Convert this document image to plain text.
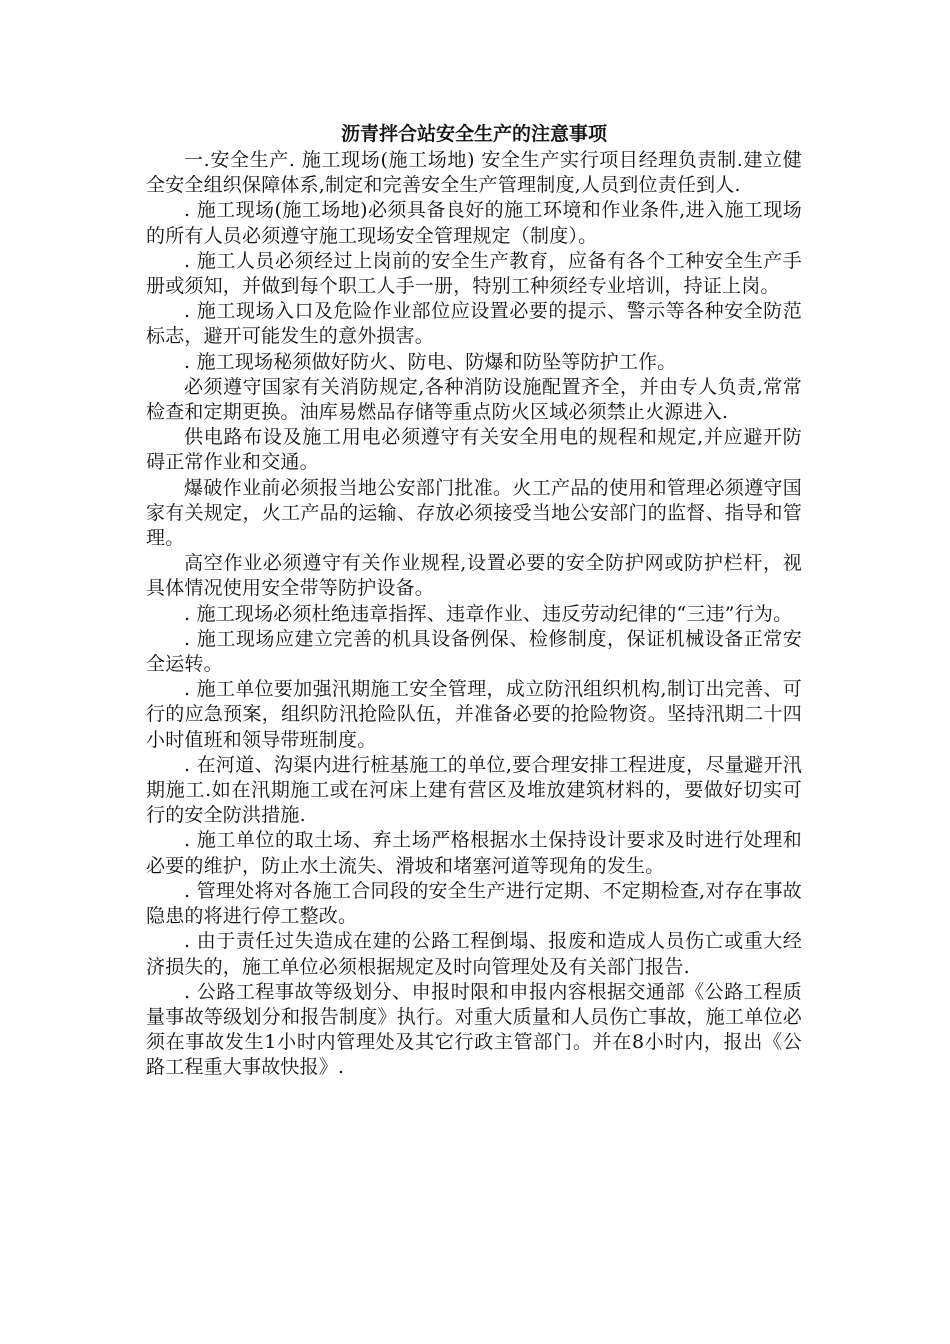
沥青拌合站安全生产的注意事项

一.安全生产. 施工现场(施工场地) 安全生产实行项目经理负责制.建立健全安全组织保障体系,制定和完善安全生产管理制度,人员到位责任到人.

. 施工现场(施工场地)必须具备良好的施工环境和作业条件,进入施工现场的所有人员必须遵守施工现场安全管理规定（制度）。

. 施工人员必须经过上岗前的安全生产教育，应备有各个工种安全生产手册或须知，并做到每个职工人手一册，特别工种须经专业培训，持证上岗。

. 施工现场入口及危险作业部位应设置必要的提示、警示等各种安全防范标志，避开可能发生的意外损害。

. 施工现场秘须做好防火、防电、防爆和防坠等防护工作。

必须遵守国家有关消防规定,各种消防设施配置齐全，并由专人负责,常常检查和定期更换。油库易燃品存储等重点防火区域必须禁止火源进入.

供电路布设及施工用电必须遵守有关安全用电的规程和规定,并应避开防碍正常作业和交通。

爆破作业前必须报当地公安部门批准。火工产品的使用和管理必须遵守国家有关规定，火工产品的运输、存放必须接受当地公安部门的监督、指导和管理。

高空作业必须遵守有关作业规程,设置必要的安全防护网或防护栏杆，视具体情况使用安全带等防护设备。

. 施工现场必须杜绝违章指挥、违章作业、违反劳动纪律的“三违”行为。

. 施工现场应建立完善的机具设备例保、检修制度，保证机械设备正常安全运转。

. 施工单位要加强汛期施工安全管理，成立防汛组织机构,制订出完善、可行的应急预案，组织防汛抢险队伍，并准备必要的抢险物资。坚持汛期二十四小时值班和领导带班制度。

. 在河道、沟渠内进行桩基施工的单位,要合理安排工程进度，尽量避开汛期施工.如在汛期施工或在河床上建有营区及堆放建筑材料的，要做好切实可行的安全防洪措施.

. 施工单位的取土场、弃土场严格根据水土保持设计要求及时进行处理和必要的维护，防止水土流失、滑坡和堵塞河道等现角的发生。

. 管理处将对各施工合同段的安全生产进行定期、不定期检查,对存在事故隐患的将进行停工整改。

. 由于责任过失造成在建的公路工程倒塌、报废和造成人员伤亡或重大经济损失的，施工单位必须根据规定及时向管理处及有关部门报告.

. 公路工程事故等级划分、申报时限和申报内容根据交通部《公路工程质量事故等级划分和报告制度》执行。对重大质量和人员伤亡事故，施工单位必须在事故发生1小时内管理处及其它行政主管部门。并在8小时内，报出《公路工程重大事故快报》.
